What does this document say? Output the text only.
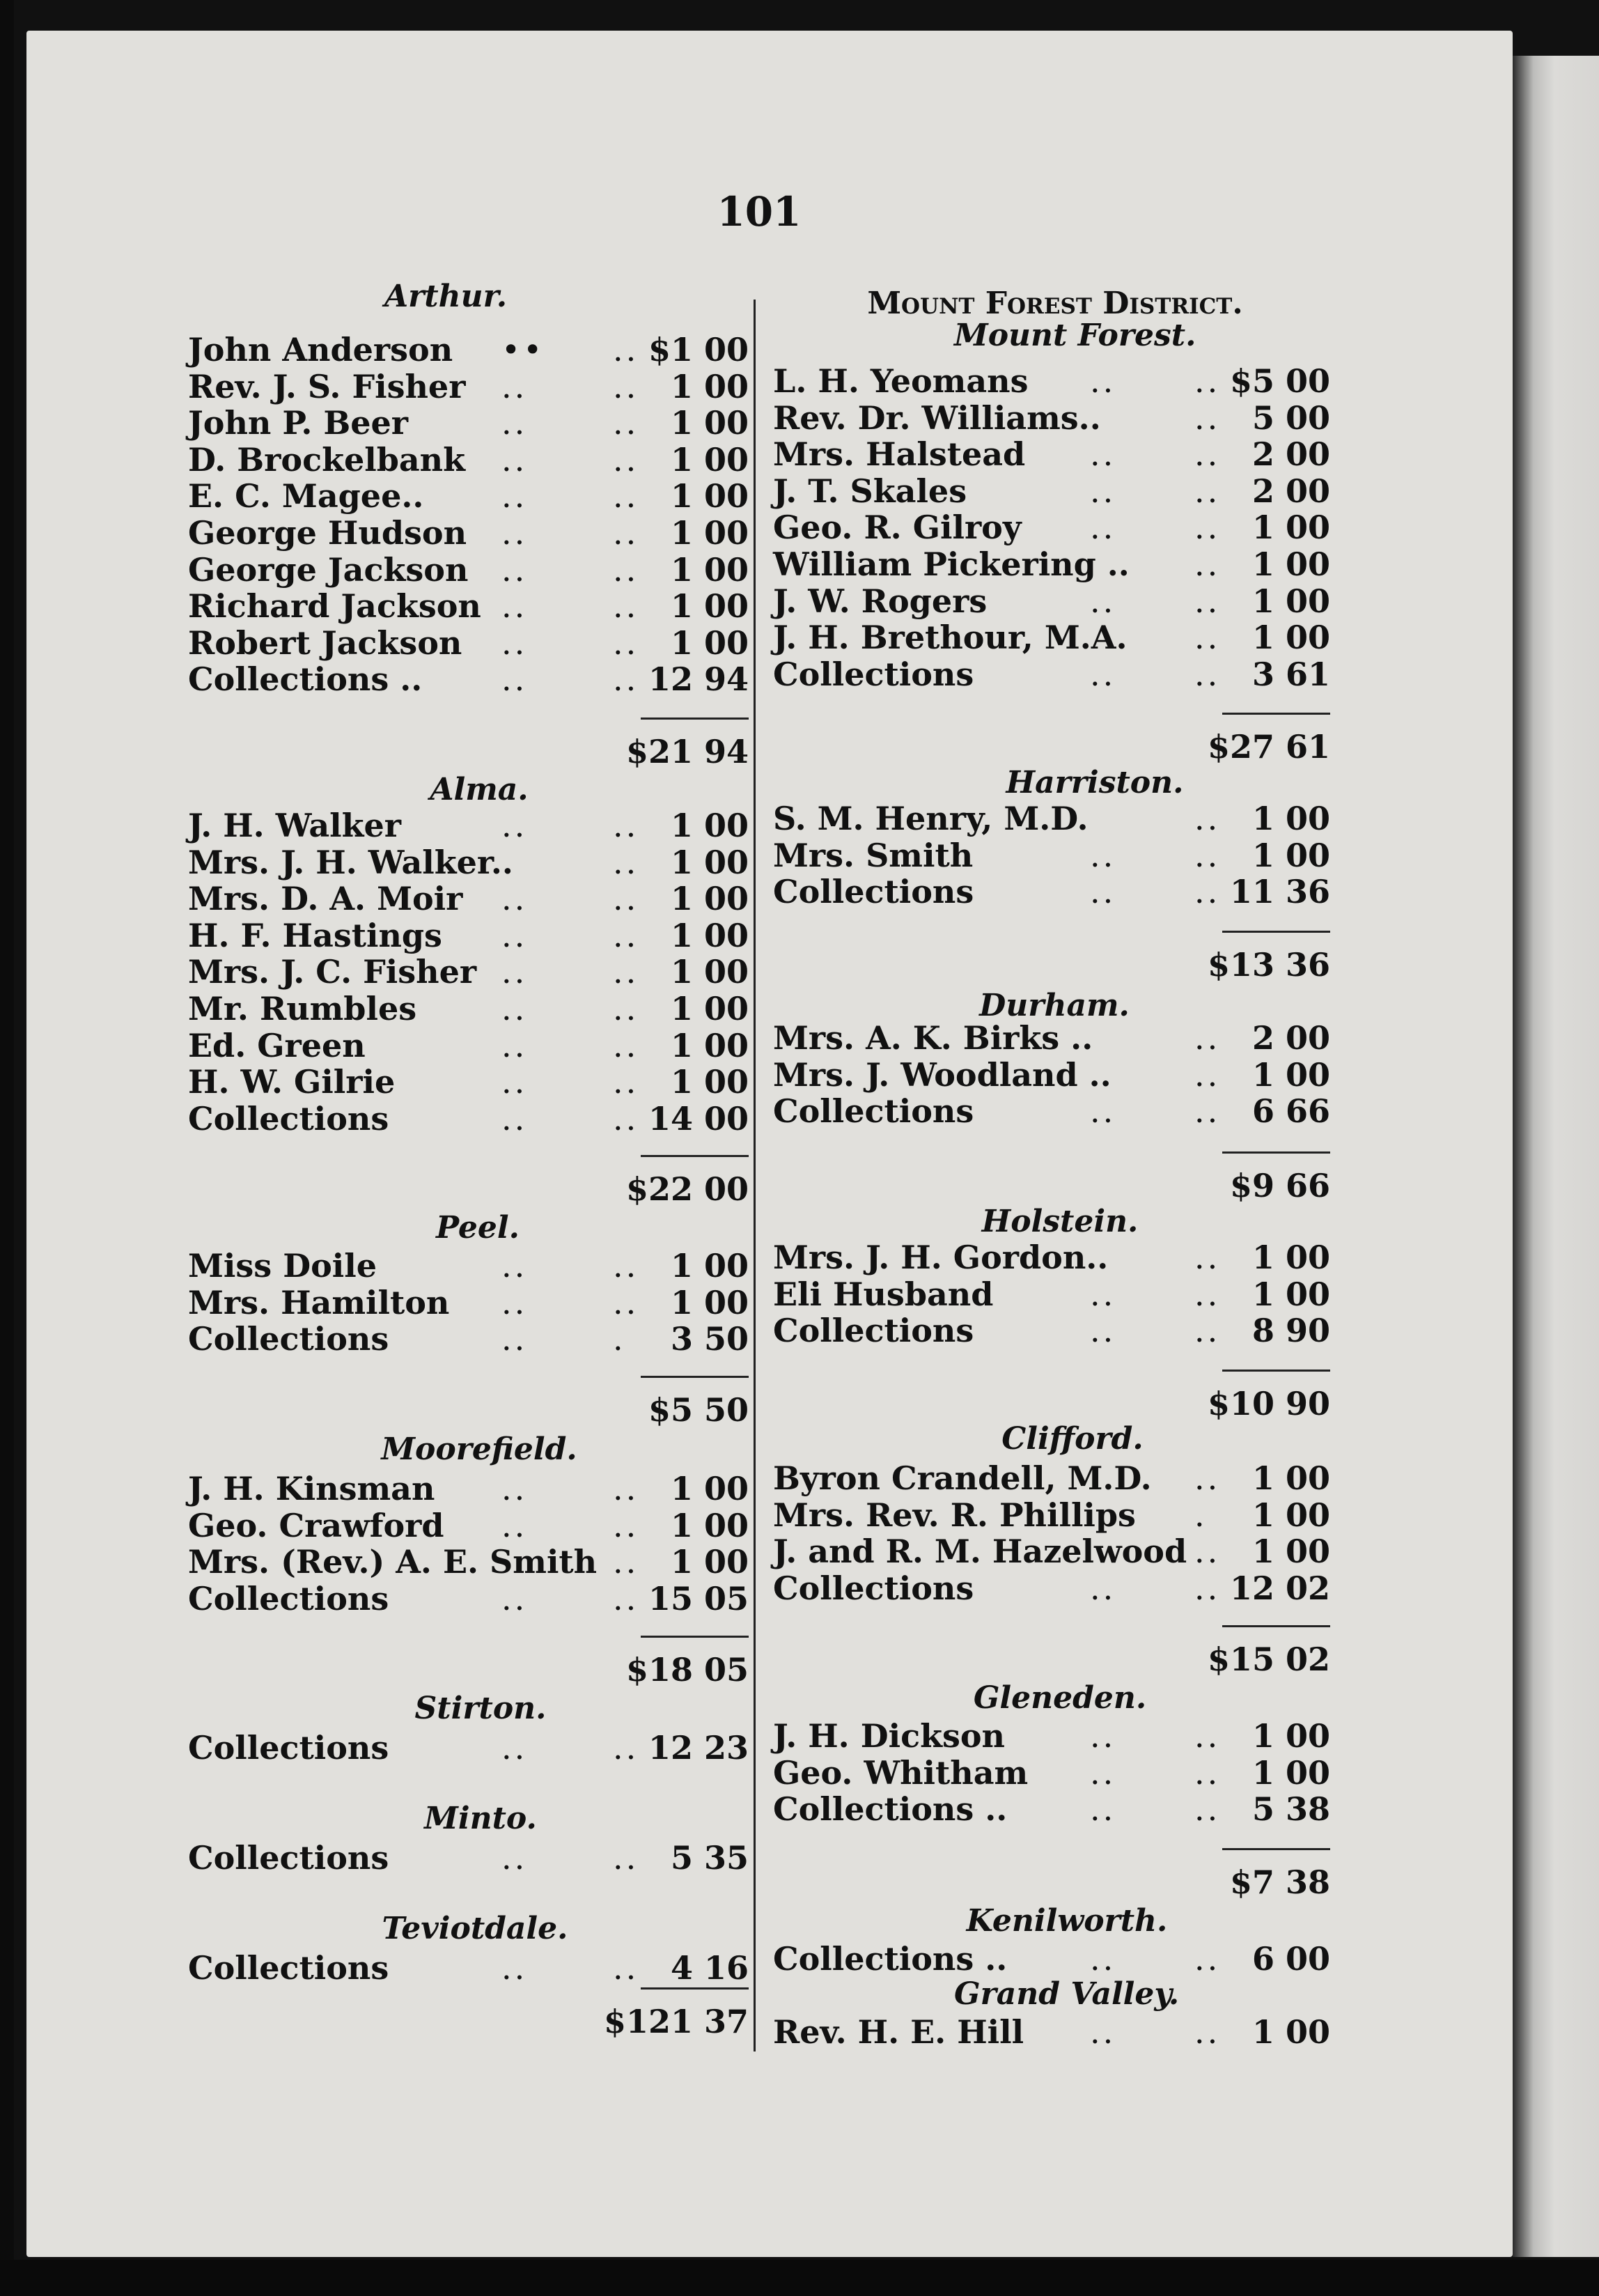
101
Arthur.
John Anderson •• .. $1 00
Rev. J. S. Fisher ..	.. 1 00
John P. Beer	..	.. 1 00
D. Brockelbank ..	.. 1 00
E. C. Magee.. ..	.. 1 00
George Hudson ..	.. 1 00
George Jackson ..	.. 1 00
Richard Jackson ..	.. 1 00
Robert Jackson ..	.. 1 00
Collections .. ..	.. 12 94
$21 94
Alma.
J. H. Walker	..	.. 1 00
Mrs. J. H. Walker..	.. 1 00
Mrs. D. A. Moir ..	.. 1 00
H. F. Hastings ..	.. 1 00
Mrs. J. C. Fisher ..	.. 1 00
Mr. Rumbles	..	.. 1 00
Ed. Green	..	.. 1 00
H. W. Gilrie	..	.. 1 00
Collections	..	.. 14 00
$22 00
Peel.
Miss Doile	..	.. 1 00
Mrs. Hamilton ..	.. 1 00
Collections	..	. 3 50
$5 50
Moorefield.
J. H. Kinsman ..	.. 1 00
Geo. Crawford ..	.. 1 00
Mrs. (Rev.) A. E. Smith .. 1 00
Collections	..	.. 15 05
$18 05
Stirton.
Collections	..	.. 12 23
Minto.
Collections	..	.. 5 35
Teviotdale.
Collections	..	.. 4 16
$121 37
Mount Forest.
L. H. Yeomans .. .. $5 00
Rev. Dr. Williams..	.. 5 00
Mrs. Halstead .. .. 2 00
J. T. Skales	.. .. 2 00
Geo. R. Gilroy .. .. 1 00
William Pickering .. .. 1 00
J. W. Rogers	.. .. 1 00
J. H. Brethour, M.A. .. 1 00
Collections	.. .. 3 61
$27 61
Harriston.
S. M. Henry, M.D.	.. 1 00
Mrs. Smith	.. .. 1 00
Collections	.. .. 11 36
$13 36
Durham.
Mrs. A. K. Birks ..	.. 2 00
Mrs. J. Woodland ..	.. 1 00
Collections	.. .. 6 66
$9 66
Holstein.
Mrs. J. H. Gordon..	.. 1 00
Eli Husband	.. .. 1 00
Collections	.. .. 8 90
$10 90
Clifford.
Byron Crandell, M.D. .. 1 00
Mrs. Rev. R. Phillips . 1 00
J. and R. M. Hazelwood .. 1 00
Collections	.. .. 12 02
$15 02
Gleneden.
J. H. Dickson	.. .. 1 00
Geo. Whitham .. .. 1 00
Collections ..	.. .. 5 38
$7 38
Kenilworth.
Collections ..	.. .. 6 00
Grand Valley.
Rev. H. E. Hill .. .. 1 00
Mount Forest District.
